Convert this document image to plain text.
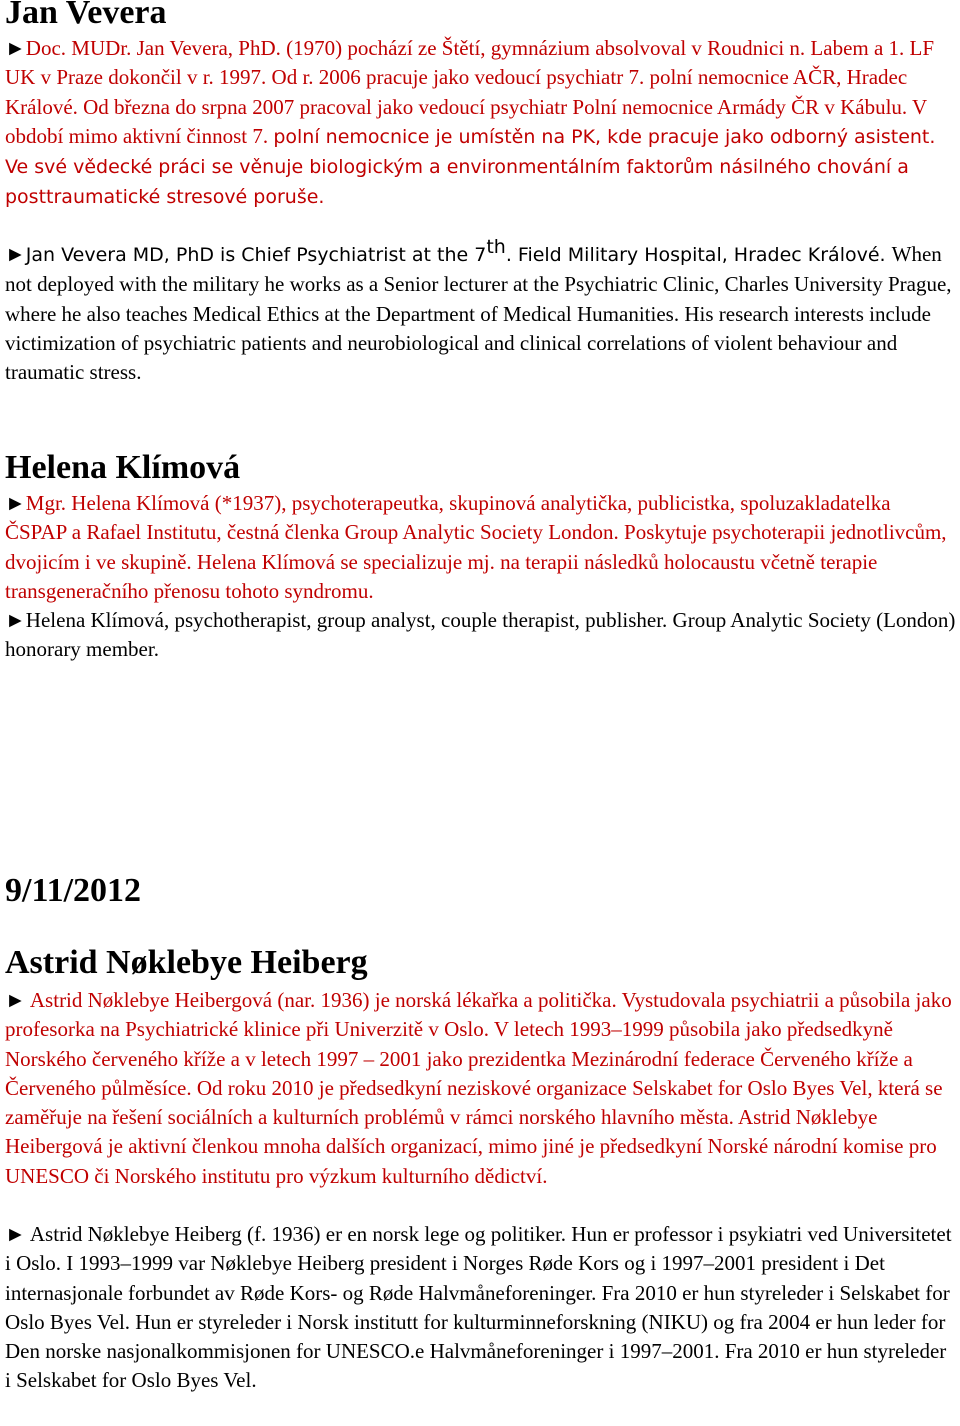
Jan Vevera
►Doc. MUDr. Jan Vevera, PhD. (1970) pochází ze Štětí, gymnázium absolvoval v Roudnici n. Labem a 1. LF UK v Praze dokončil v r. 1997. Od r. 2006 pracuje jako vedoucí psychiatr 7. polní nemocnice AČR, Hradec Králové. Od března do srpna 2007 pracoval jako vedoucí psychiatr Polní nemocnice Armády ČR v Kábulu. V období mimo aktivní činnost 7. polní nemocnice je umístěn na PK, kde pracuje jako odborný asistent. Ve své vědecké práci se věnuje biologickým a environmentálním faktorům násilného chování a posttraumatické stresové poruše.
►Jan Vevera MD, PhD is Chief Psychiatrist at the 7th. Field Military Hospital, Hradec Králové. When not deployed with the military he works as a Senior lecturer at the Psychiatric Clinic, Charles University Prague, where he also teaches Medical Ethics at the Department of Medical Humanities. His research interests include victimization of psychiatric patients and neurobiological and clinical correlations of violent behaviour and traumatic stress.
Helena Klímová
►Mgr. Helena Klímová (*1937), psychoterapeutka, skupinová analytička, publicistka, spoluzakladatelka ČSPAP a Rafael Institutu, čestná členka Group Analytic Society London. Poskytuje psychoterapii jednotlivcům, dvojicím i ve skupině. Helena Klímová se specializuje mj. na terapii následků holocaustu včetně terapie transgeneračního přenosu tohoto syndromu.
►Helena Klímová, psychotherapist, group analyst, couple therapist, publisher. Group Analytic Society (London) honorary member.
9/11/2012
Astrid Nøklebye Heiberg
► Astrid Nøklebye Heibergová (nar. 1936) je norská lékařka a politička. Vystudovala psychiatrii a působila jako profesorka na Psychiatrické klinice při Univerzitě v Oslo. V letech 1993–1999 působila jako předsedkyně Norského červeného kříže a v letech 1997 – 2001 jako prezidentka Mezinárodní federace Červeného kříže a Červeného půlměsíce. Od roku 2010 je předsedkyní neziskové organizace Selskabet for Oslo Byes Vel, která se zaměřuje na řešení sociálních a kulturních problémů v rámci norského hlavního města. Astrid Nøklebye Heibergová je aktivní členkou mnoha dalších organizací, mimo jiné je předsedkyní Norské národní komise pro UNESCO či Norského institutu pro výzkum kulturního dědictví.
► Astrid Nøklebye Heiberg (f. 1936) er en norsk lege og politiker. Hun er professor i psykiatri ved Universitetet i Oslo. I 1993–1999 var Nøklebye Heiberg president i Norges Røde Kors og i 1997–2001 president i Det internasjonale forbundet av Røde Kors- og Røde Halvmåneforeninger. Fra 2010 er hun styreleder i Selskabet for Oslo Byes Vel. Hun er styreleder i Norsk institutt for kulturminneforskning (NIKU) og fra 2004 er hun leder for Den norske nasjonalkommisjonen for UNESCO.e Halvmåneforeninger i 1997–2001. Fra 2010 er hun styreleder i Selskabet for Oslo Byes Vel.
